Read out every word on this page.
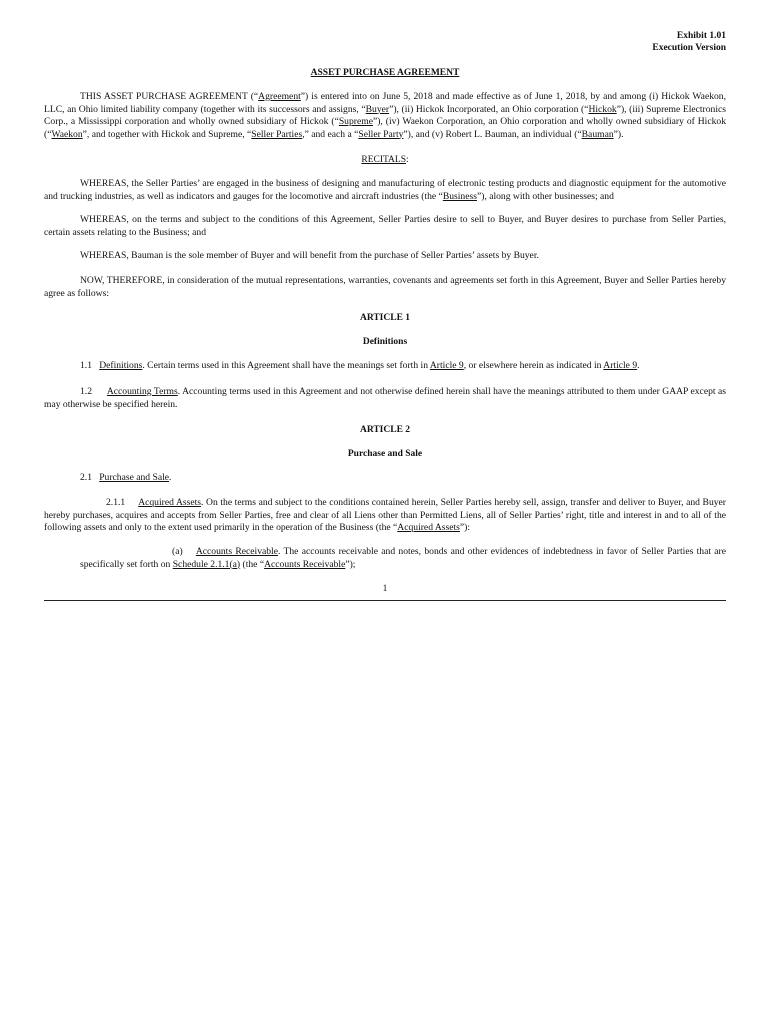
Exhibit 1.01
Execution Version
ASSET PURCHASE AGREEMENT
THIS ASSET PURCHASE AGREEMENT (“Agreement”) is entered into on June 5, 2018 and made effective as of June 1, 2018, by and among (i) Hickok Waekon, LLC, an Ohio limited liability company (together with its successors and assigns, “Buyer”), (ii) Hickok Incorporated, an Ohio corporation (“Hickok”), (iii) Supreme Electronics Corp., a Mississippi corporation and wholly owned subsidiary of Hickok (“Supreme”), (iv) Waekon Corporation, an Ohio corporation and wholly owned subsidiary of Hickok (“Waekon”, and together with Hickok and Supreme, “Seller Parties,” and each a “Seller Party”), and (v) Robert L. Bauman, an individual (“Bauman”).
RECITALS:
WHEREAS, the Seller Parties’ are engaged in the business of designing and manufacturing of electronic testing products and diagnostic equipment for the automotive and trucking industries, as well as indicators and gauges for the locomotive and aircraft industries (the “Business”), along with other businesses; and
WHEREAS, on the terms and subject to the conditions of this Agreement, Seller Parties desire to sell to Buyer, and Buyer desires to purchase from Seller Parties, certain assets relating to the Business; and
WHEREAS, Bauman is the sole member of Buyer and will benefit from the purchase of Seller Parties’ assets by Buyer.
NOW, THEREFORE, in consideration of the mutual representations, warranties, covenants and agreements set forth in this Agreement, Buyer and Seller Parties hereby agree as follows:
ARTICLE 1
Definitions
1.1 Definitions. Certain terms used in this Agreement shall have the meanings set forth in Article 9, or elsewhere herein as indicated in Article 9.
1.2 Accounting Terms. Accounting terms used in this Agreement and not otherwise defined herein shall have the meanings attributed to them under GAAP except as may otherwise be specified herein.
ARTICLE 2
Purchase and Sale
2.1 Purchase and Sale.
2.1.1 Acquired Assets. On the terms and subject to the conditions contained herein, Seller Parties hereby sell, assign, transfer and deliver to Buyer, and Buyer hereby purchases, acquires and accepts from Seller Parties, free and clear of all Liens other than Permitted Liens, all of Seller Parties’ right, title and interest in and to all of the following assets and only to the extent used primarily in the operation of the Business (the “Acquired Assets”):
(a) Accounts Receivable. The accounts receivable and notes, bonds and other evidences of indebtedness in favor of Seller Parties that are specifically set forth on Schedule 2.1.1(a) (the “Accounts Receivable”);
1
